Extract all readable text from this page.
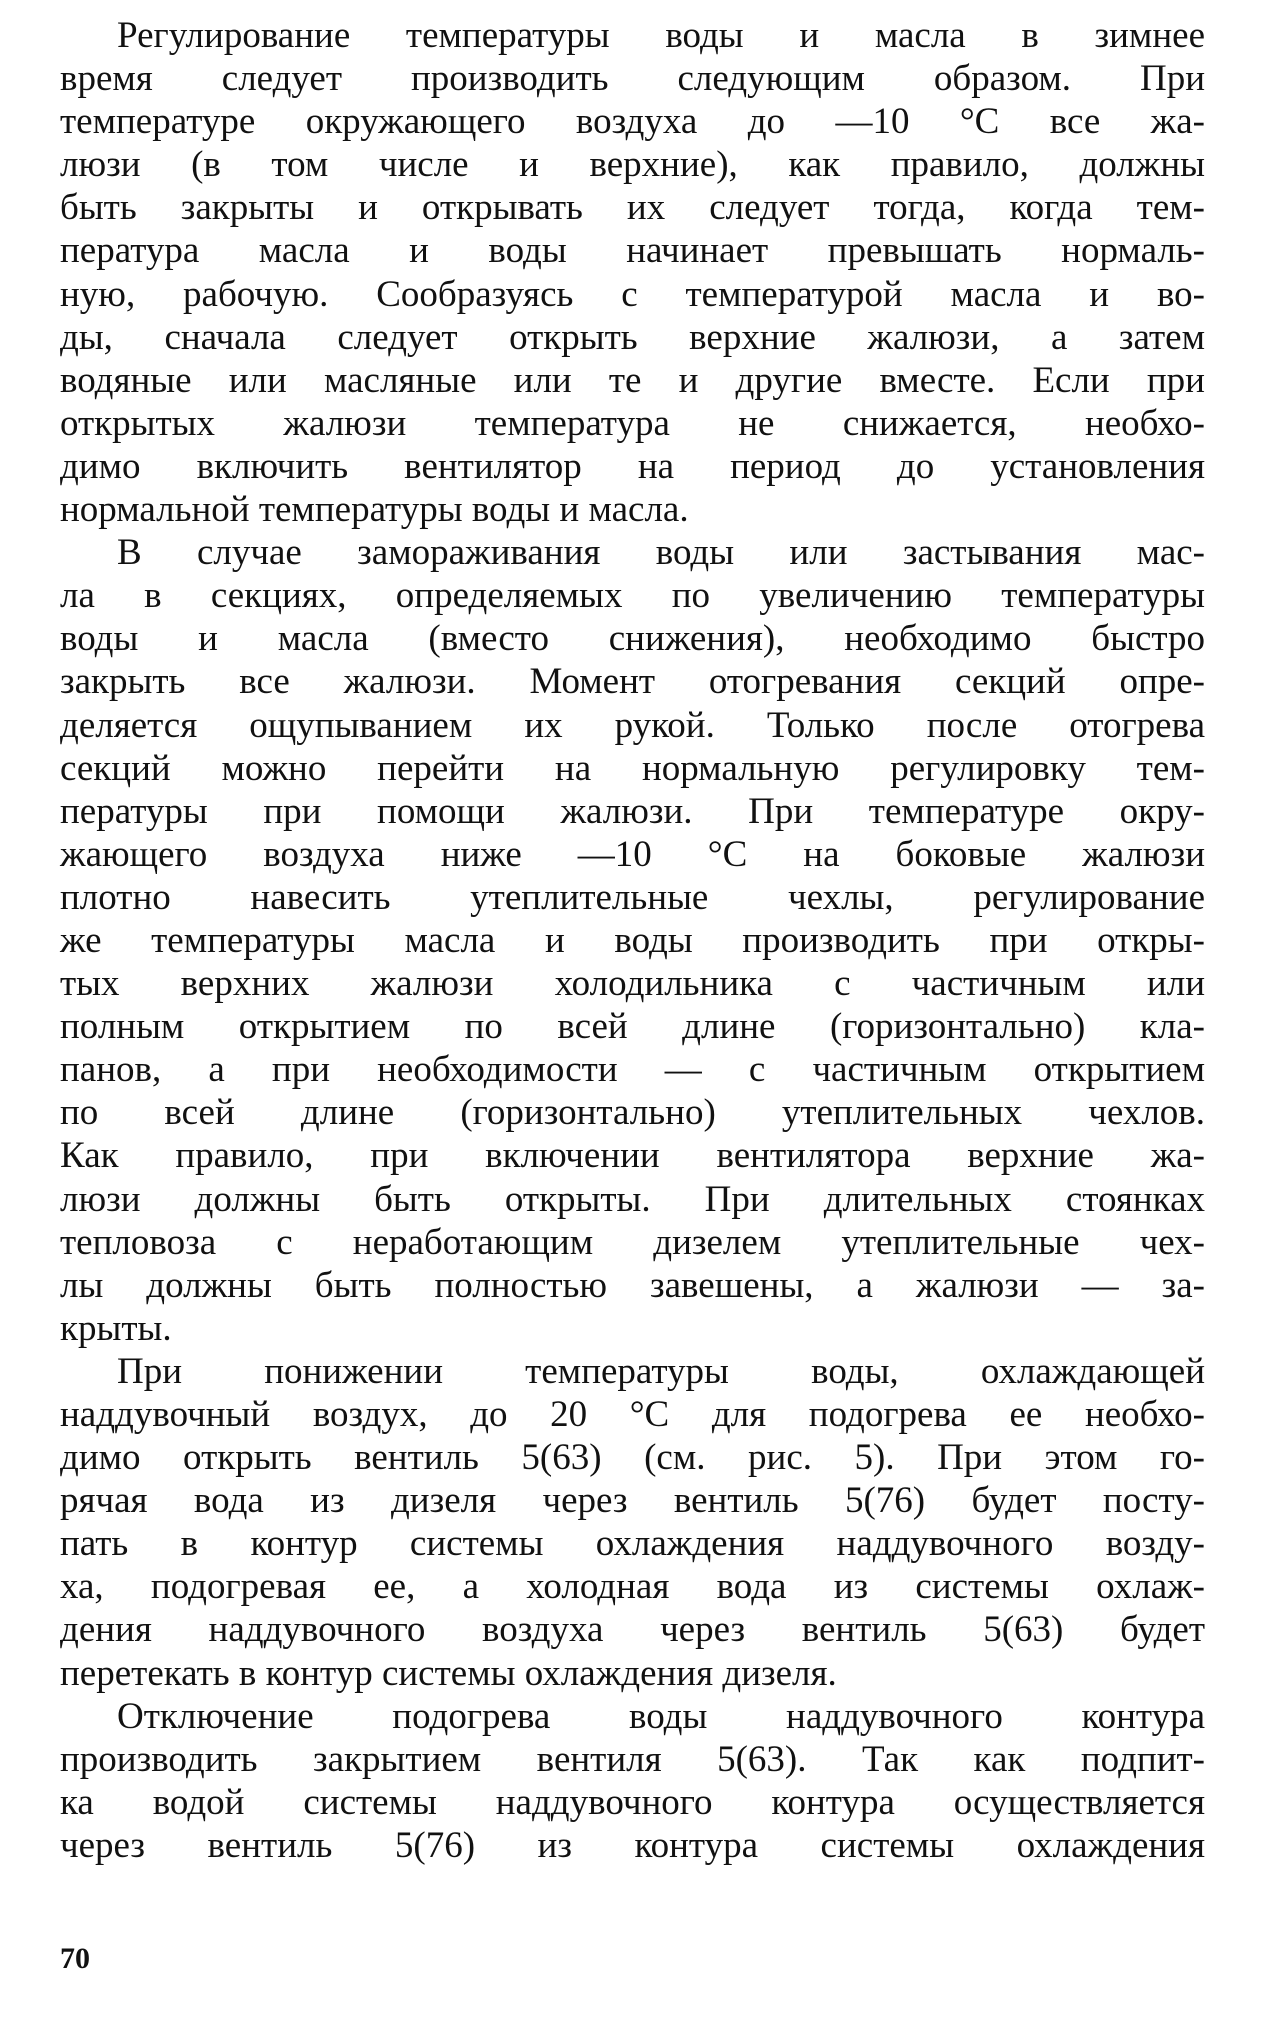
Регулирование температуры воды и масла в зимнее
время следует производить следующим образом. При
температуре окружающего воздуха до —10 °С все жа-
люзи (в том числе и верхние), как правило, должны
быть закрыты и открывать их следует тогда, когда тем-
пература масла и воды начинает превышать нормаль-
ную, рабочую. Сообразуясь с температурой масла и во-
ды, сначала следует открыть верхние жалюзи, а затем
водяные или масляные или те и другие вместе. Если при
открытых жалюзи температура не снижается, необхо-
димо включить вентилятор на период до установления
нормальной температуры воды и масла.
В случае замораживания воды или застывания мас-
ла в секциях, определяемых по увеличению температуры
воды и масла (вместо снижения), необходимо быстро
закрыть все жалюзи. Момент отогревания секций опре-
деляется ощупыванием их рукой. Только после отогрева
секций можно перейти на нормальную регулировку тем-
пературы при помощи жалюзи. При температуре окру-
жающего воздуха ниже —10 °С на боковые жалюзи
плотно навесить утеплительные чехлы, регулирование
же температуры масла и воды производить при откры-
тых верхних жалюзи холодильника с частичным или
полным открытием по всей длине (горизонтально) кла-
панов, а при необходимости — с частичным открытием
по всей длине (горизонтально) утеплительных чехлов.
Как правило, при включении вентилятора верхние жа-
люзи должны быть открыты. При длительных стоянках
тепловоза с неработающим дизелем утеплительные чех-
лы должны быть полностью завешены, а жалюзи — за-
крыты.
При понижении температуры воды, охлаждающей
наддувочный воздух, до 20 °С для подогрева ее необхо-
димо открыть вентиль 5(63) (см. рис. 5). При этом го-
рячая вода из дизеля через вентиль 5(76) будет посту-
пать в контур системы охлаждения наддувочного возду-
ха, подогревая ее, а холодная вода из системы охлаж-
дения наддувочного воздуха через вентиль 5(63) будет
перетекать в контур системы охлаждения дизеля.
Отключение подогрева воды наддувочного контура
производить закрытием вентиля 5(63). Так как подпит-
ка водой системы наддувочного контура осуществляется
через вентиль 5(76) из контура системы охлаждения
70
